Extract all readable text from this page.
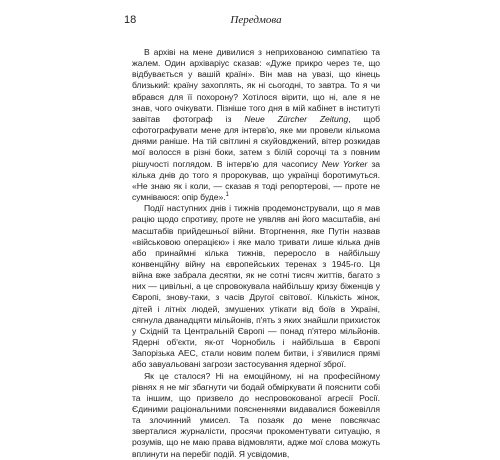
18	Передмова

В архіві на мене дивилися з неприхованою симпатією та жалем. Один архіваріус сказав: «Дуже прикро через те, що відбувається у вашій країні». Він мав на увазі, що кінець близький: країну захоплять, як ні сьогодні, то завтра. То я чи вбрався для її похорону? Хотілося вірити, що ні, але я не знав, чого очікувати. Пізніше того дня в мій кабінет в інституті завітав фотограф із Neue Zürcher Zeitung, щоб сфотографувати мене для інтерв'ю, яке ми провели кількома днями раніше. На тій світлині я скуйовджений, вітер розкидав мої волосся в різні боки, затем з білій сорочці та з повним рішучості поглядом. В інтерв'ю для часопису New Yorker за кілька днів до того я пророкував, що українці боротимуться. «Не знаю як і коли, — сказав я тоді репортерові, — проте не сумніваюся: опір буде».$^1$

Події наступних днів і тижнів продемонстрували, що я мав рацію щодо спротиву, проте не уявляв ані його масштабів, ані масштабів прийдешньої війни. Вторгнення, яке Путін назвав «військовою операцією» і яке мало тривати лише кілька днів або принаймні кілька тижнів, переросло в найбільшу конвенційну війну на європейських теренах з 1945-го. Ця війна вже забрала десятки, як не сотні тисяч життів, багато з них — цивільні, а це спровокувала найбільшу кризу біженців у Європі, знову-таки, з часів Другої світової. Кількість жінок, дітей і літніх людей, змушених утікати від боїв в Україні, сягнула дванадцяти мільйонів, п'ять з яких знайшли прихисток у Східній та Центральній Європі — понад п'ятеро мільйонів. Ядерні об'єкти, як-от Чорнобиль і найбільша в Європі Запорізька АЕС, стали новим полем битви, і з'явилися прямі або завуальовані загрози застосування ядерної зброї.

Як це сталося? Ні на емоційному, ні на професійному рівнях я не міг збагнути чи бодай обміркувати й пояснити собі та іншим, що призвело до неспровокованої агресії Росії. Єдиними раціональними поясненнями видавалися божевілля та злочинний умисел. Та позаяк до мене повсякчас зверталися журналісти, просячи прокоментувати ситуацію, я розумів, що не маю права відмовляти, адже мої слова можуть вплинути на перебіг подій. Я усвідомив,
